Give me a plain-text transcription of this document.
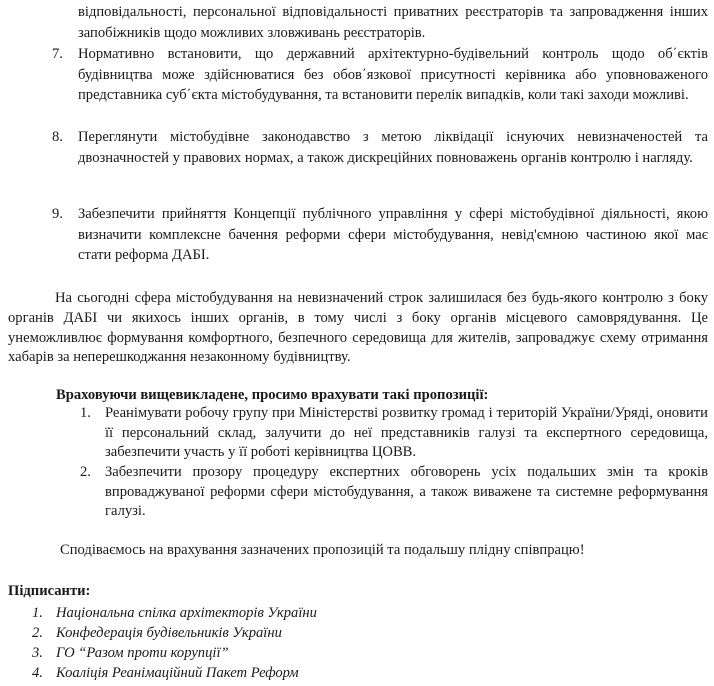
відповідальності, персональної відповідальності приватних реєстраторів та запровадження інших запобіжників щодо можливих зловживань реєстраторів.
7. Нормативно встановити, що державний архітектурно-будівельний контроль щодо об΄єктів будівництва може здійснюватися без обов΄язкової присутності керівника або уповноваженого представника суб΄єкта містобудування, та встановити перелік випадків, коли такі заходи можливі.
8. Переглянути містобудівне законодавство з метою ліквідації існуючих невизначеностей та двозначностей у правових нормах, а також дискреційних повноважень органів контролю і нагляду.
9. Забезпечити прийняття Концепції публічного управління у сфері містобудівної діяльності, якою визначити комплексне бачення реформи сфери містобудування, невід'ємною частиною якої має стати реформа ДАБІ.
На сьогодні сфера містобудування на невизначений строк залишилася без будь-якого контролю з боку органів ДАБІ чи якихось інших органів, в тому числі з боку органів місцевого самоврядування. Це унеможливлює формування комфортного, безпечного середовища для жителів, запроваджує схему отримання хабарів за неперешкоджання незаконному будівництву.
Враховуючи вищевикладене, просимо врахувати такі пропозиції:
1. Реанімувати робочу групу при Міністерстві розвитку громад і територій України/Уряді, оновити її персональний склад, залучити до неї представників галузі та експертного середовища, забезпечити участь у її роботі керівництва ЦОВВ.
2. Забезпечити прозору процедуру експертних обговорень усіх подальших змін та кроків впроваджуваної реформи сфери містобудування, а також виважене та системне реформування галузі.
Сподіваємось на врахування зазначених пропозицій та подальшу плідну співпрацю!
Підписанти:
1. Національна спілка архітекторів України
2. Конфедерація будівельників України
3. ГО “Разом проти корупції”
4. Коаліція Реанімаційний Пакет Реформ
